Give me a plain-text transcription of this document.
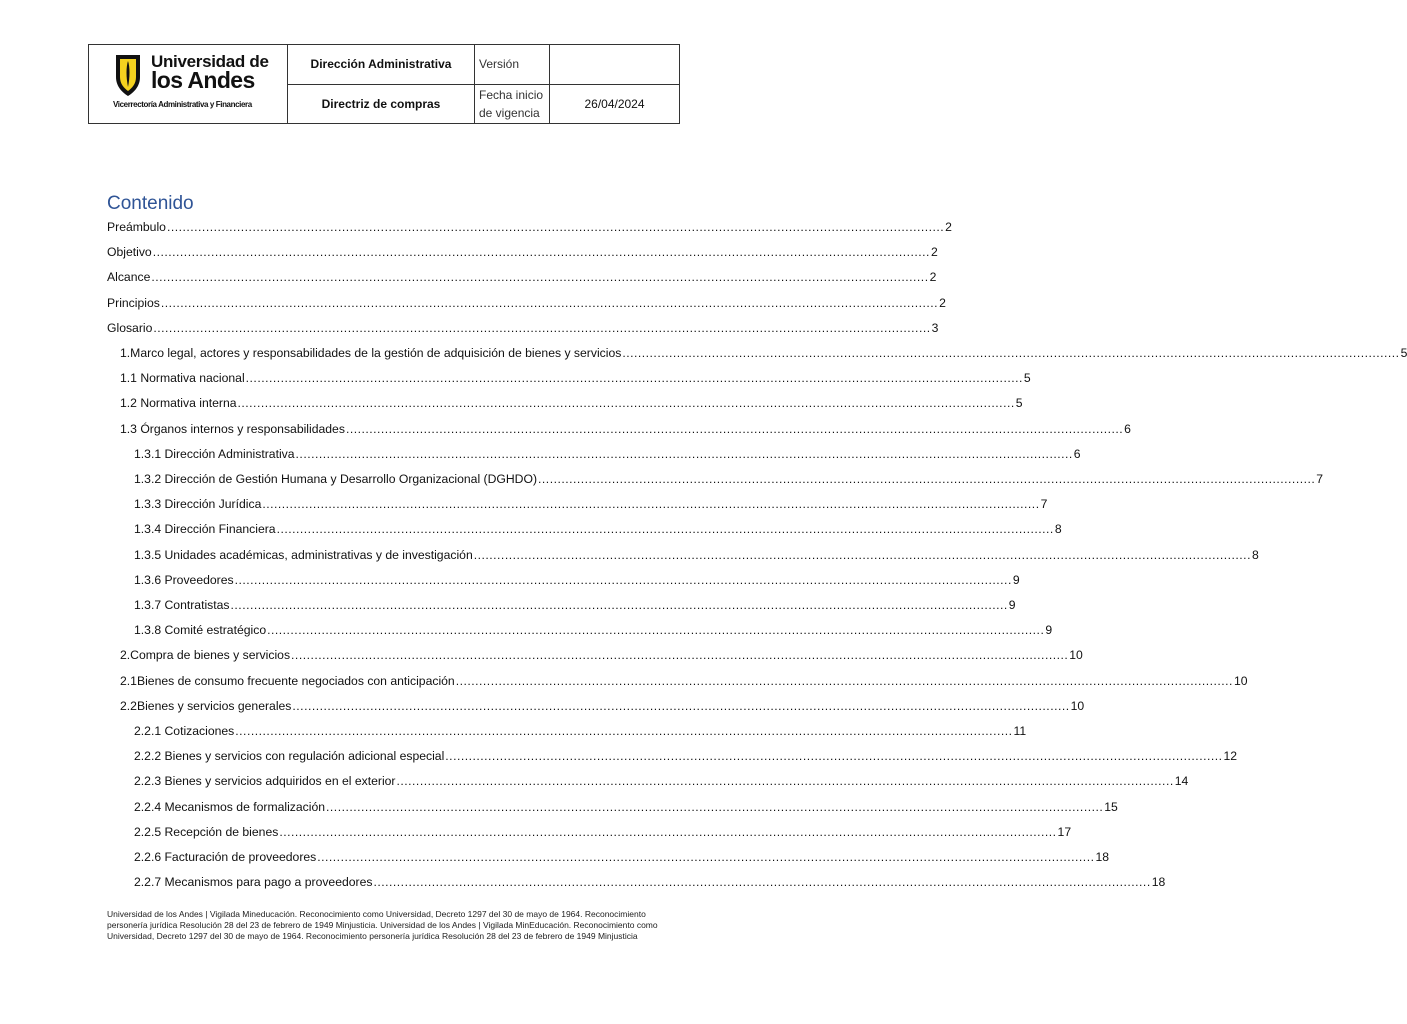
Universidad de
los Andes
Vicerrectoría Administrativa y Financiera	Dirección Administrativa	Versión	
	Directriz de compras	Fecha inicio
de vigencia	26/04/2024
Contenido
Preámbulo ........................................................................................................................................................................................................ 2
Objetivo ........................................................................................................................................................................................................ 2
Alcance ........................................................................................................................................................................................................ 2
Principios ........................................................................................................................................................................................................ 2
Glosario ........................................................................................................................................................................................................ 3
1. Marco legal, actores y responsabilidades de la gestión de adquisición de bienes y servicios ........................................................................................................................................................................................................ 5
1.1 Normativa nacional ........................................................................................................................................................................................................ 5
1.2 Normativa interna ........................................................................................................................................................................................................ 5
1.3 Órganos internos y responsabilidades ........................................................................................................................................................................................................ 6
1.3.1 Dirección Administrativa ........................................................................................................................................................................................................ 6
1.3.2 Dirección de Gestión Humana y Desarrollo Organizacional (DGHDO) ........................................................................................................................................................................................................ 7
1.3.3 Dirección Jurídica ........................................................................................................................................................................................................ 7
1.3.4 Dirección Financiera ........................................................................................................................................................................................................ 8
1.3.5 Unidades académicas, administrativas y de investigación ........................................................................................................................................................................................................ 8
1.3.6 Proveedores ........................................................................................................................................................................................................ 9
1.3.7 Contratistas ........................................................................................................................................................................................................ 9
1.3.8 Comité estratégico ........................................................................................................................................................................................................ 9
2. Compra de bienes y servicios ........................................................................................................................................................................................................ 10
2.1 Bienes de consumo frecuente negociados con anticipación ........................................................................................................................................................................................................ 10
2.2 Bienes y servicios generales ........................................................................................................................................................................................................ 10
2.2.1 Cotizaciones ........................................................................................................................................................................................................ 11
2.2.2 Bienes y servicios con regulación adicional especial ........................................................................................................................................................................................................ 12
2.2.3 Bienes y servicios adquiridos en el exterior ........................................................................................................................................................................................................ 14
2.2.4 Mecanismos de formalización ........................................................................................................................................................................................................ 15
2.2.5 Recepción de bienes ........................................................................................................................................................................................................ 17
2.2.6 Facturación de proveedores ........................................................................................................................................................................................................ 18
2.2.7 Mecanismos para pago a proveedores ........................................................................................................................................................................................................ 18
Universidad de los Andes | Vigilada Mineducación. Reconocimiento como Universidad, Decreto 1297 del 30 de mayo de 1964. Reconocimiento personería jurídica Resolución 28 del 23 de febrero de 1949 Minjusticia. Universidad de los Andes | Vigilada MinEducación. Reconocimiento como Universidad, Decreto 1297 del 30 de mayo de 1964. Reconocimiento personería jurídica Resolución 28 del 23 de febrero de 1949 Minjusticia
